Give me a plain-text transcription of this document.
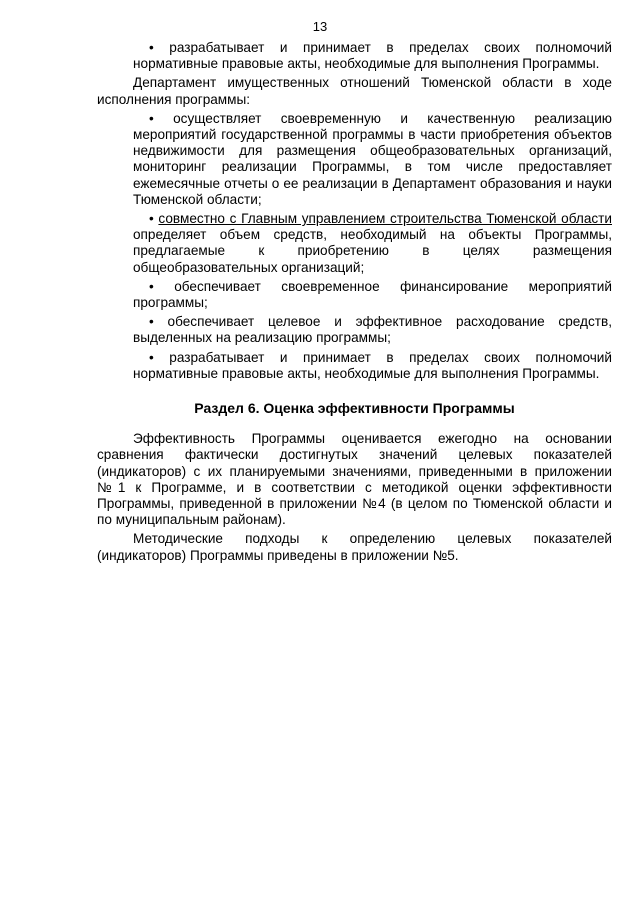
13

• разрабатывает и принимает в пределах своих полномочий нормативные правовые акты, необходимые для выполнения Программы.

Департамент имущественных отношений Тюменской области в ходе исполнения программы:

• осуществляет своевременную и качественную реализацию мероприятий государственной программы в части приобретения объектов недвижимости для размещения общеобразовательных организаций, мониторинг реализации Программы, в том числе предоставляет ежемесячные отчеты о ее реализации в Департамент образования и науки Тюменской области;

• совместно с Главным управлением строительства Тюменской области определяет объем средств, необходимый на объекты Программы, предлагаемые к приобретению в целях размещения общеобразовательных организаций;

• обеспечивает своевременное финансирование мероприятий программы;

• обеспечивает целевое и эффективное расходование средств, выделенных на реализацию программы;

• разрабатывает и принимает в пределах своих полномочий нормативные правовые акты, необходимые для выполнения Программы.

Раздел 6. Оценка эффективности Программы

Эффективность Программы оценивается ежегодно на основании сравнения фактически достигнутых значений целевых показателей (индикаторов) с их планируемыми значениями, приведенными в приложении №1 к Программе, и в соответствии с методикой оценки эффективности Программы, приведенной в приложении №4 (в целом по Тюменской области и по муниципальным районам).

Методические подходы к определению целевых показателей (индикаторов) Программы приведены в приложении №5.
